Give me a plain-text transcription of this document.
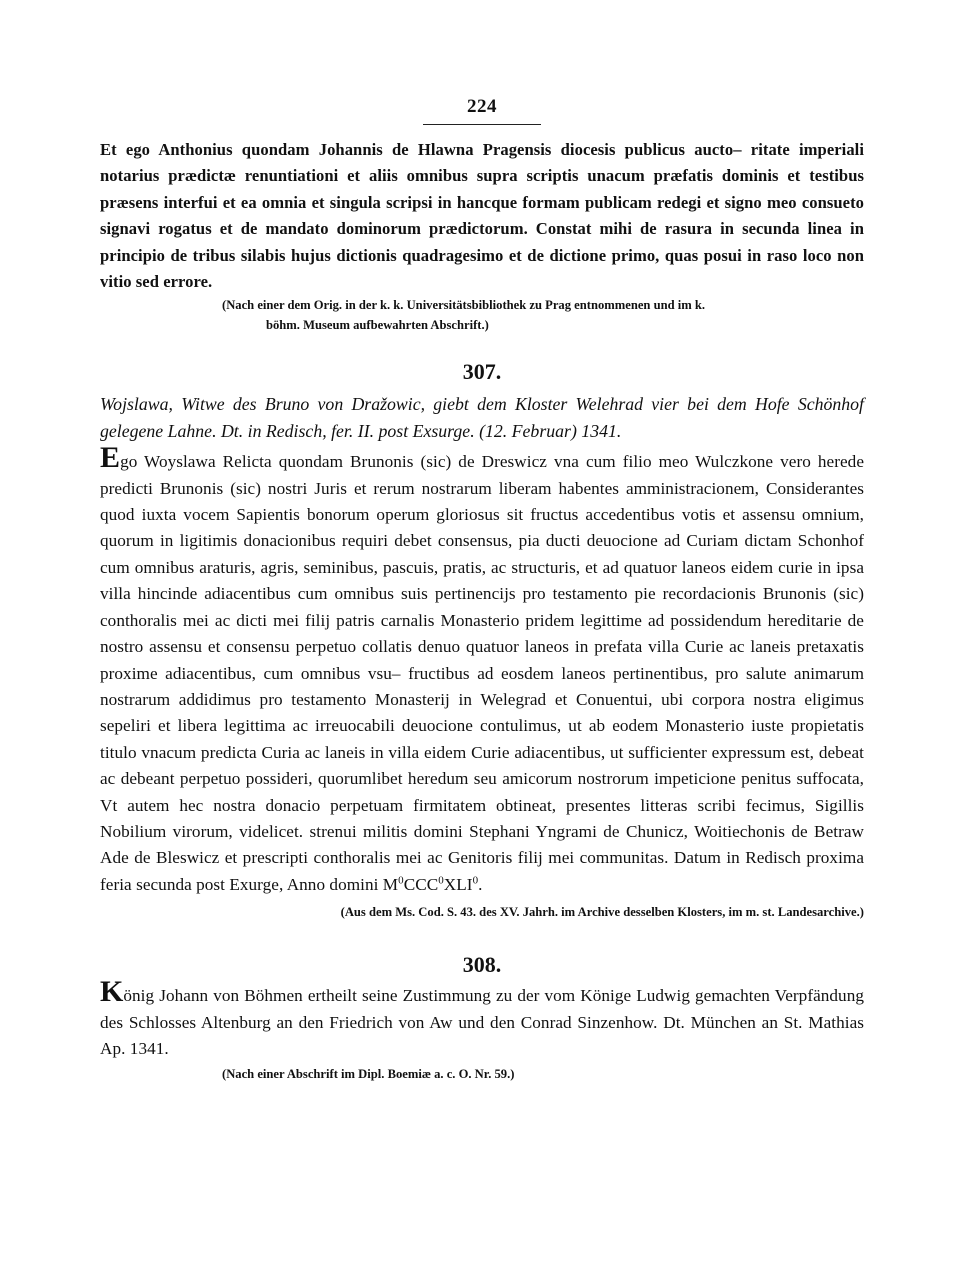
224

Et ego Anthonius quondam Johannis de Hlawna Pragensis diocesis publicus aucto– ritate imperiali notarius prædictæ renuntiationi et aliis omnibus supra scriptis unacum præfatis dominis et testibus præsens interfui et ea omnia et singula scripsi in hancque formam publicam redegi et signo meo consueto signavi rogatus et de mandato dominorum prædictorum. Constat mihi de rasura in secunda linea in principio de tribus silabis hujus dictionis quadragesimo et de dictione primo, quas posui in raso loco non vitio sed errore.

(Nach einer dem Orig. in der k. k. Universitätsbibliothek zu Prag entnommenen und im k.
böhm. Museum aufbewahrten Abschrift.)

307.

Wojslawa, Witwe des Bruno von Dražowic, giebt dem Kloster Welehrad vier bei dem Hofe Schönhof gelegene Lahne. Dt. in Redisch, fer. II. post Exsurge. (12. Februar) 1341.

Ego Woyslawa Relicta quondam Brunonis (sic) de Dreswicz vna cum filio meo Wulczkone vero herede predicti Brunonis (sic) nostri Juris et rerum nostrarum liberam habentes amministracionem, Considerantes quod iuxta vocem Sapientis bonorum operum gloriosus sit fructus accedentibus votis et assensu omnium, quorum in ligitimis donacionibus requiri debet consensus, pia ducti deuocione ad Curiam dictam Schonhof cum omnibus araturis, agris, seminibus, pascuis, pratis, ac structuris, et ad quatuor laneos eidem curie in ipsa villa hincinde adiacentibus cum omnibus suis pertinencijs pro testamento pie recordacionis Brunonis (sic) conthoralis mei ac dicti mei filij patris carnalis Monasterio pridem legittime ad possidendum hereditarie de nostro assensu et consensu perpetuo collatis denuo quatuor laneos in prefata villa Curie ac laneis pretaxatis proxime adiacentibus, cum omnibus vsu– fructibus ad eosdem laneos pertinentibus, pro salute animarum nostrarum addidimus pro testamento Monasterij in Welegrad et Conuentui, ubi corpora nostra eligimus sepeliri et libera legittima ac irreuocabili deuocione contulimus, ut ab eodem Monasterio iuste propietatis titulo vnacum predicta Curia ac laneis in villa eidem Curie adiacentibus, ut sufficienter expressum est, debeat ac debeant perpetuo possideri, quorumlibet heredum seu amicorum nostrorum impeticione penitus suffocata, Vt autem hec nostra donacio perpetuam firmitatem obtineat, presentes litteras scribi fecimus, Sigillis Nobilium virorum, videlicet. strenui militis domini Stephani Yngrami de Chunicz, Woitiechonis de Betraw Ade de Bleswicz et prescripti conthoralis mei ac Genitoris filij mei communitas. Datum in Redisch proxima feria secunda post Exurge, Anno domini $M^0CCC^0XLI^0$.

(Aus dem Ms. Cod. S. 43. des XV. Jahrh. im Archive desselben Klosters, im m. st. Landesarchive.)

308.

König Johann von Böhmen ertheilt seine Zustimmung zu der vom Könige Ludwig gemachten Verpfändung des Schlosses Altenburg an den Friedrich von Aw und den Conrad Sinzenhow. Dt. München an St. Mathias Ap. 1341.

(Nach einer Abschrift im Dipl. Boemiæ a. c. O. Nr. 59.)
